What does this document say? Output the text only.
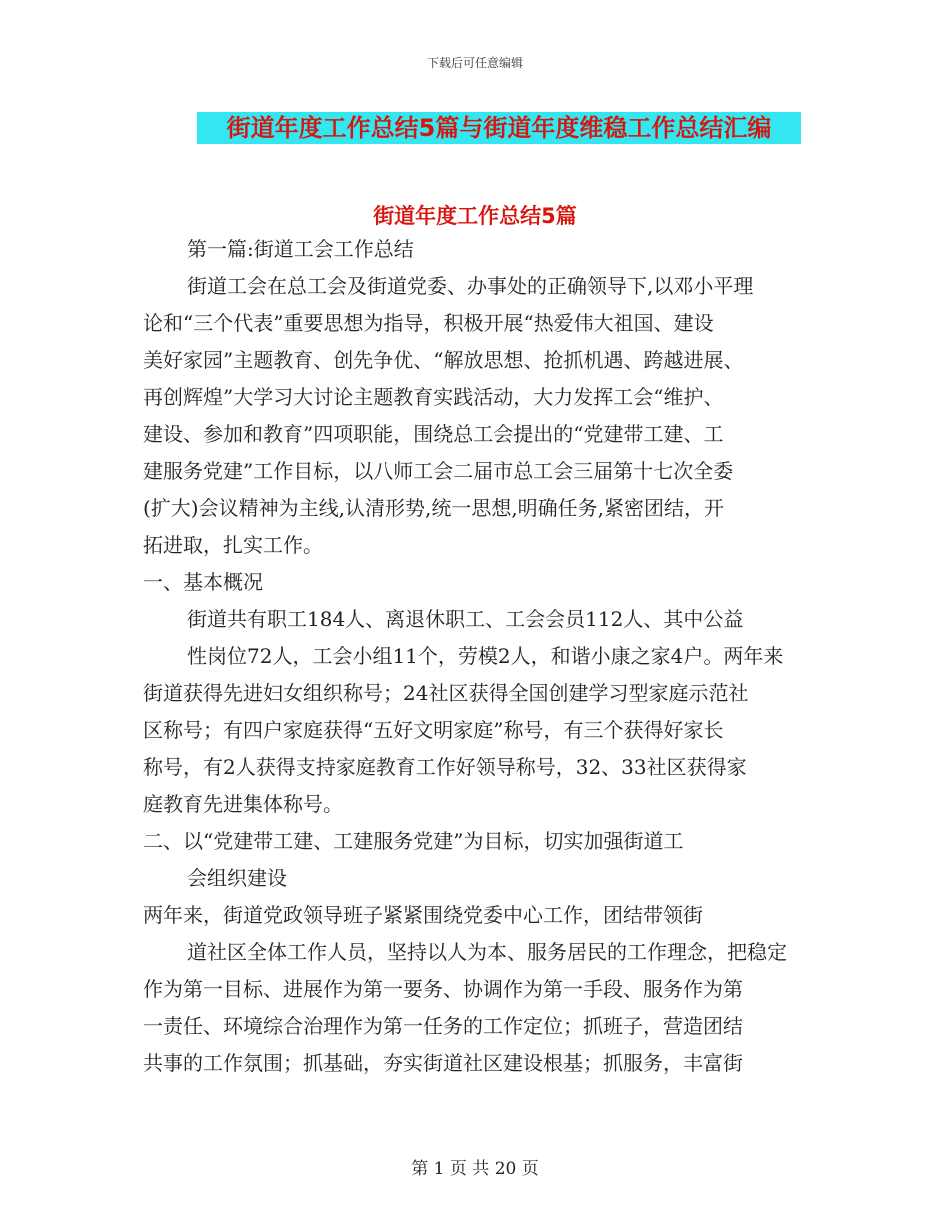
下载后可任意编辑
街道年度工作总结5篇与街道年度维稳工作总结汇编
街道年度工作总结5篇
第一篇:街道工会工作总结
街道工会在总工会及街道党委、办事处的正确领导下,以邓小平理
论和“三个代表”重要思想为指导，积极开展“热爱伟大祖国、建设
美好家园”主题教育、创先争优、“解放思想、抢抓机遇、跨越进展、
再创辉煌”大学习大讨论主题教育实践活动，大力发挥工会“维护、
建设、参加和教育”四项职能，围绕总工会提出的“党建带工建、工
建服务党建”工作目标，以八师工会二届市总工会三届第十七次全委
(扩大)会议精神为主线,认清形势,统一思想,明确任务,紧密团结，开
拓进取，扎实工作。
一、基本概况
街道共有职工184人、离退休职工、工会会员112人、其中公益
性岗位72人，工会小组11个，劳模2人，和谐小康之家4户。两年来
街道获得先进妇女组织称号；24社区获得全国创建学习型家庭示范社
区称号；有四户家庭获得“五好文明家庭”称号，有三个获得好家长
称号，有2人获得支持家庭教育工作好领导称号，32、33社区获得家
庭教育先进集体称号。
二、以“党建带工建、工建服务党建”为目标，切实加强街道工
会组织建设
两年来，街道党政领导班子紧紧围绕党委中心工作，团结带领街
道社区全体工作人员，坚持以人为本、服务居民的工作理念，把稳定
作为第一目标、进展作为第一要务、协调作为第一手段、服务作为第
一责任、环境综合治理作为第一任务的工作定位；抓班子，营造团结
共事的工作氛围；抓基础，夯实街道社区建设根基；抓服务，丰富街
第 1 页 共 20 页
